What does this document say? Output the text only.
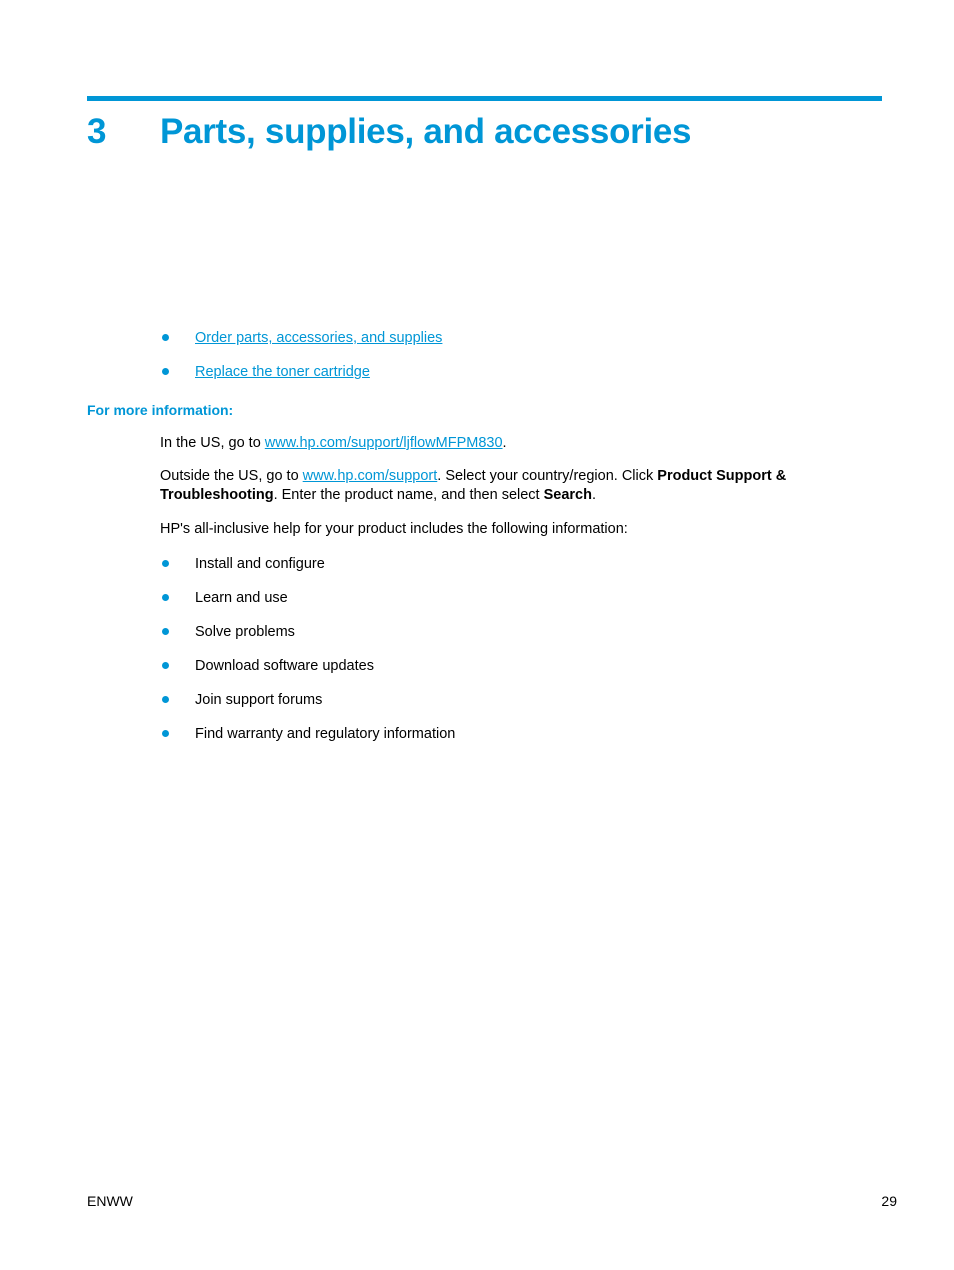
3	Parts, supplies, and accessories
Order parts, accessories, and supplies
Replace the toner cartridge
For more information:

In the US, go to www.hp.com/support/ljflowMFPM830.

Outside the US, go to www.hp.com/support. Select your country/region. Click Product Support & Troubleshooting. Enter the product name, and then select Search.

HP's all-inclusive help for your product includes the following information:

Install and configure
Learn and use
Solve problems
Download software updates
Join support forums
Find warranty and regulatory information
ENWW	29
